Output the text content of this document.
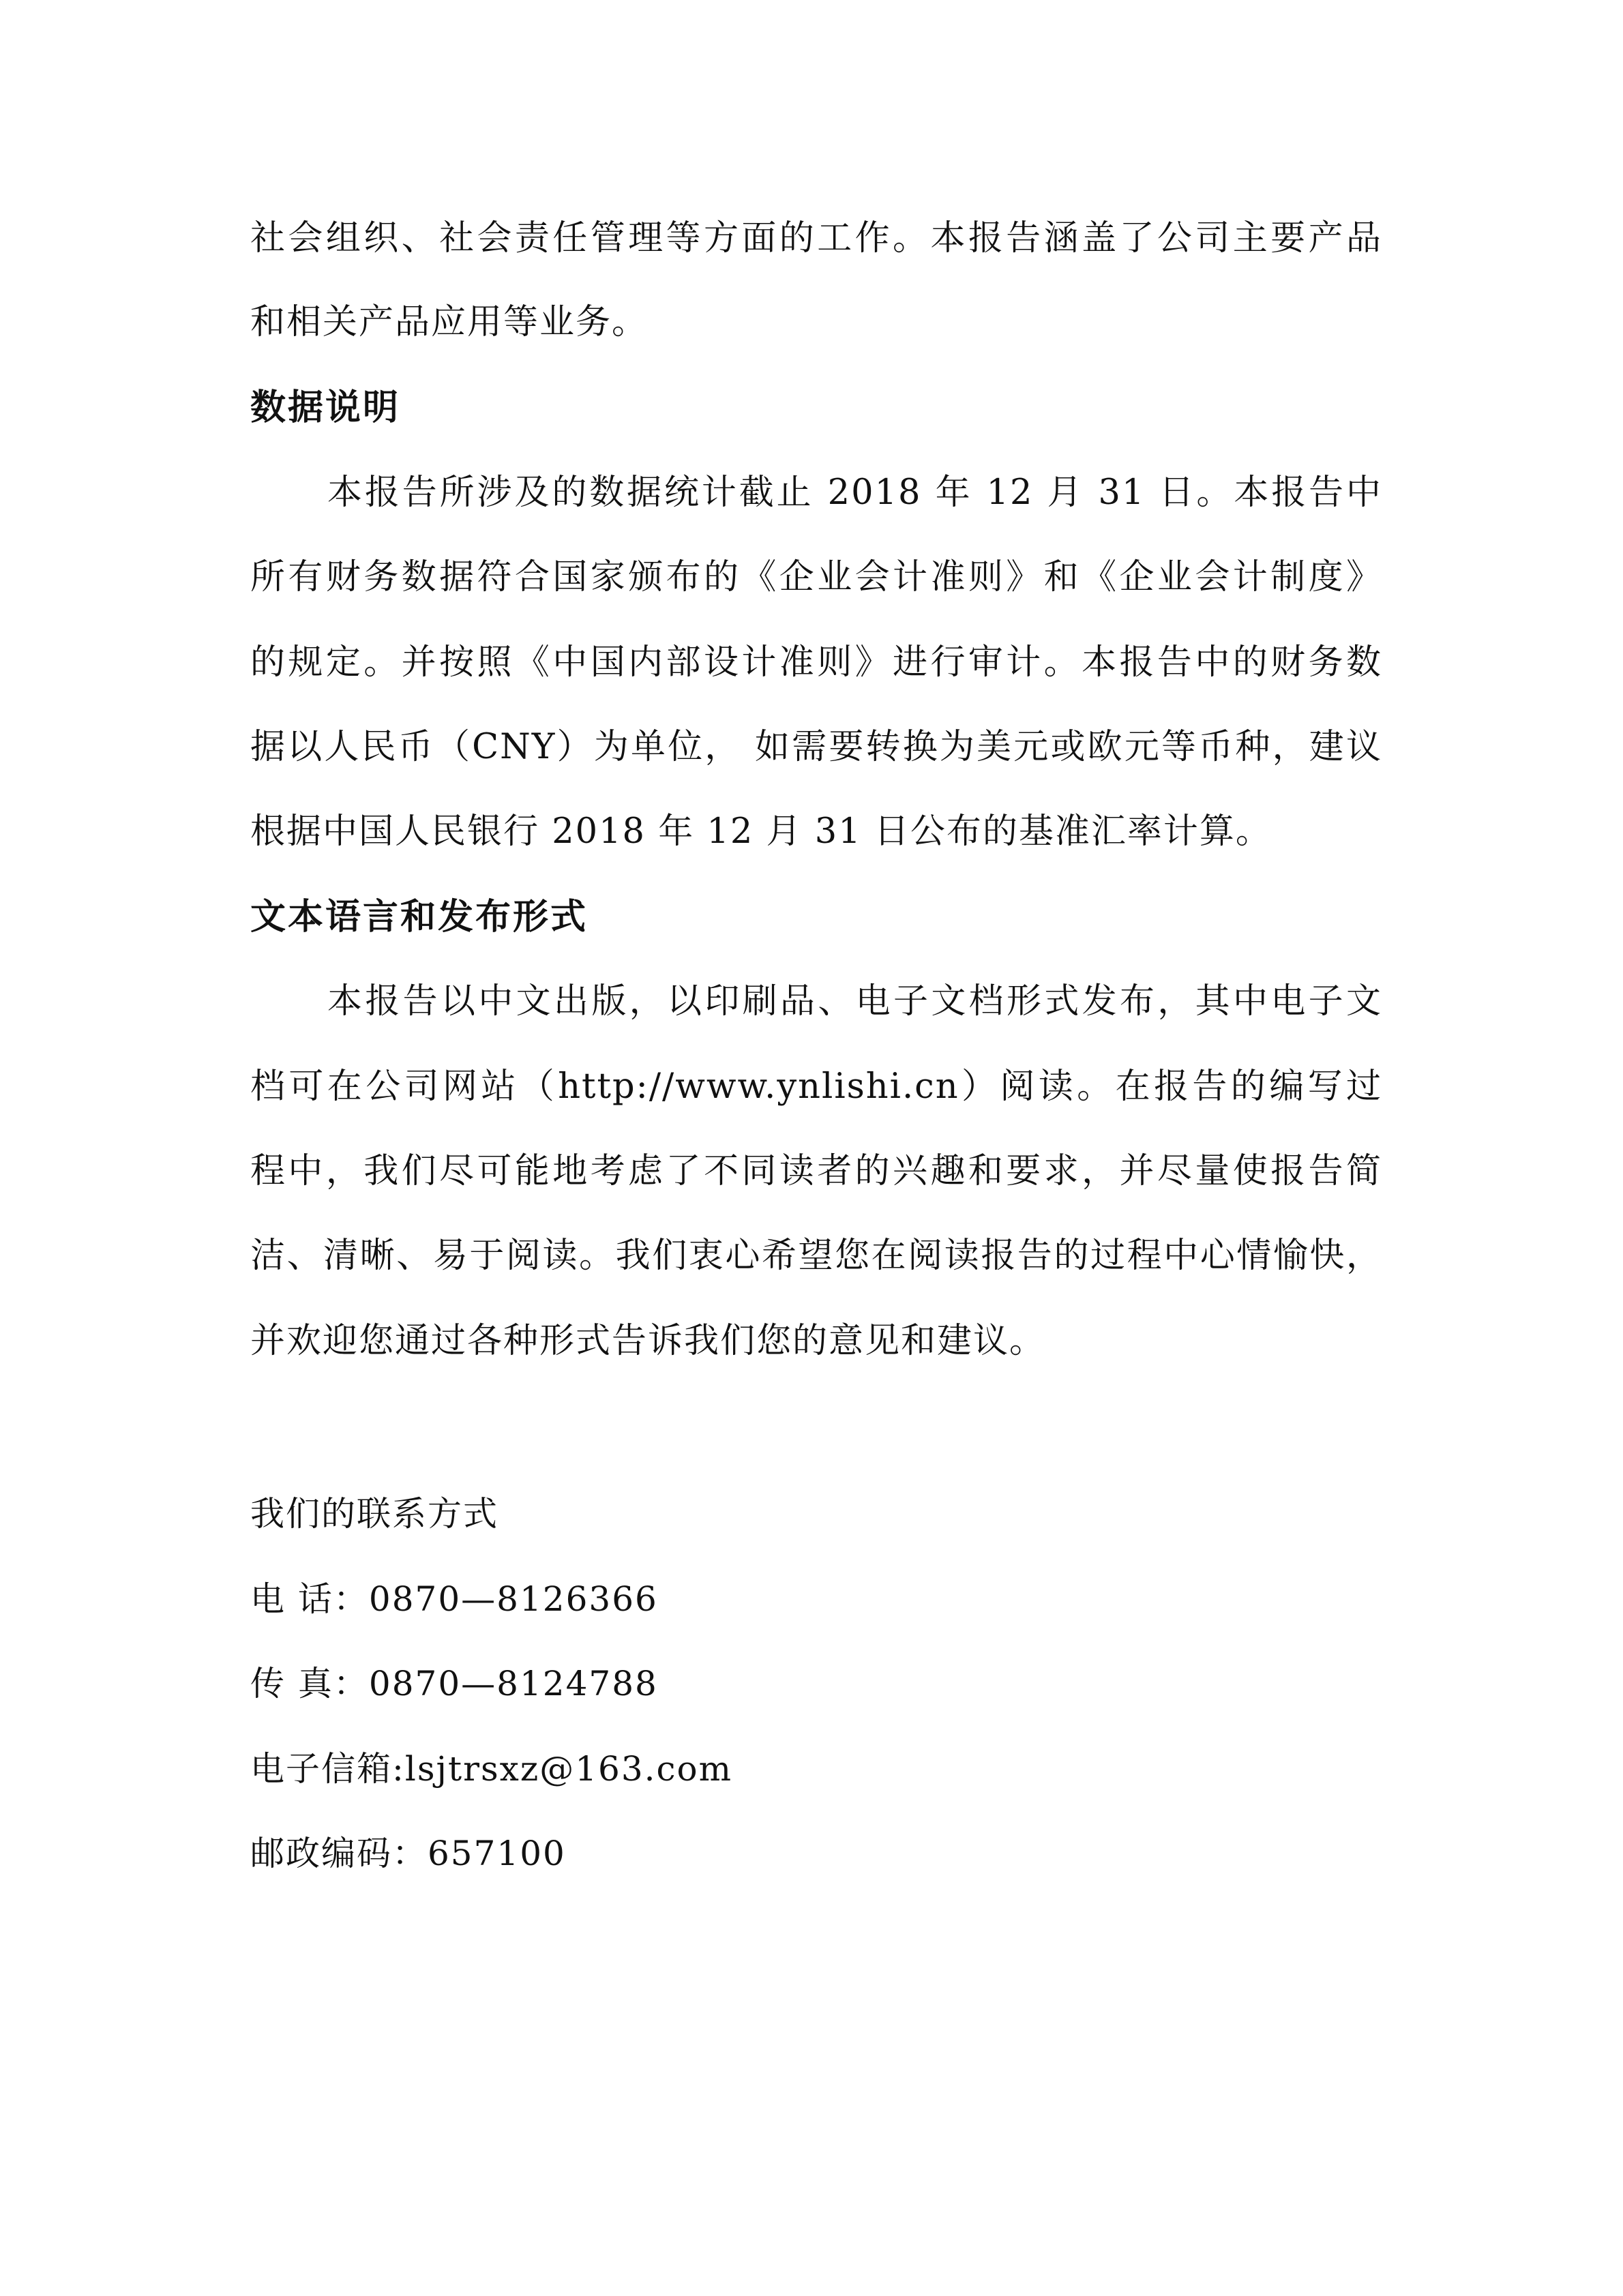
社会组织、社会责任管理等方面的工作。本报告涵盖了公司主要产品
和相关产品应用等业务。
数据说明
本报告所涉及的数据统计截止 2018 年 12 月 31 日。本报告中
所有财务数据符合国家颁布的《企业会计准则》和《企业会计制度》
的规定。并按照《中国内部设计准则》进行审计。本报告中的财务数
据以人民币（CNY）为单位， 如需要转换为美元或欧元等币种，建议
根据中国人民银行 2018 年 12 月 31 日公布的基准汇率计算。
文本语言和发布形式
本报告以中文出版，以印刷品、电子文档形式发布，其中电子文
档可在公司网站（http://www.ynlishi.cn）阅读。在报告的编写过
程中，我们尽可能地考虑了不同读者的兴趣和要求，并尽量使报告简
洁、清晰、易于阅读。我们衷心希望您在阅读报告的过程中心情愉快，
并欢迎您通过各种形式告诉我们您的意见和建议。
我们的联系方式
电 话：0870—8126366
传 真：0870—8124788
电子信箱:lsjtrsxz@163.com
邮政编码：657100
